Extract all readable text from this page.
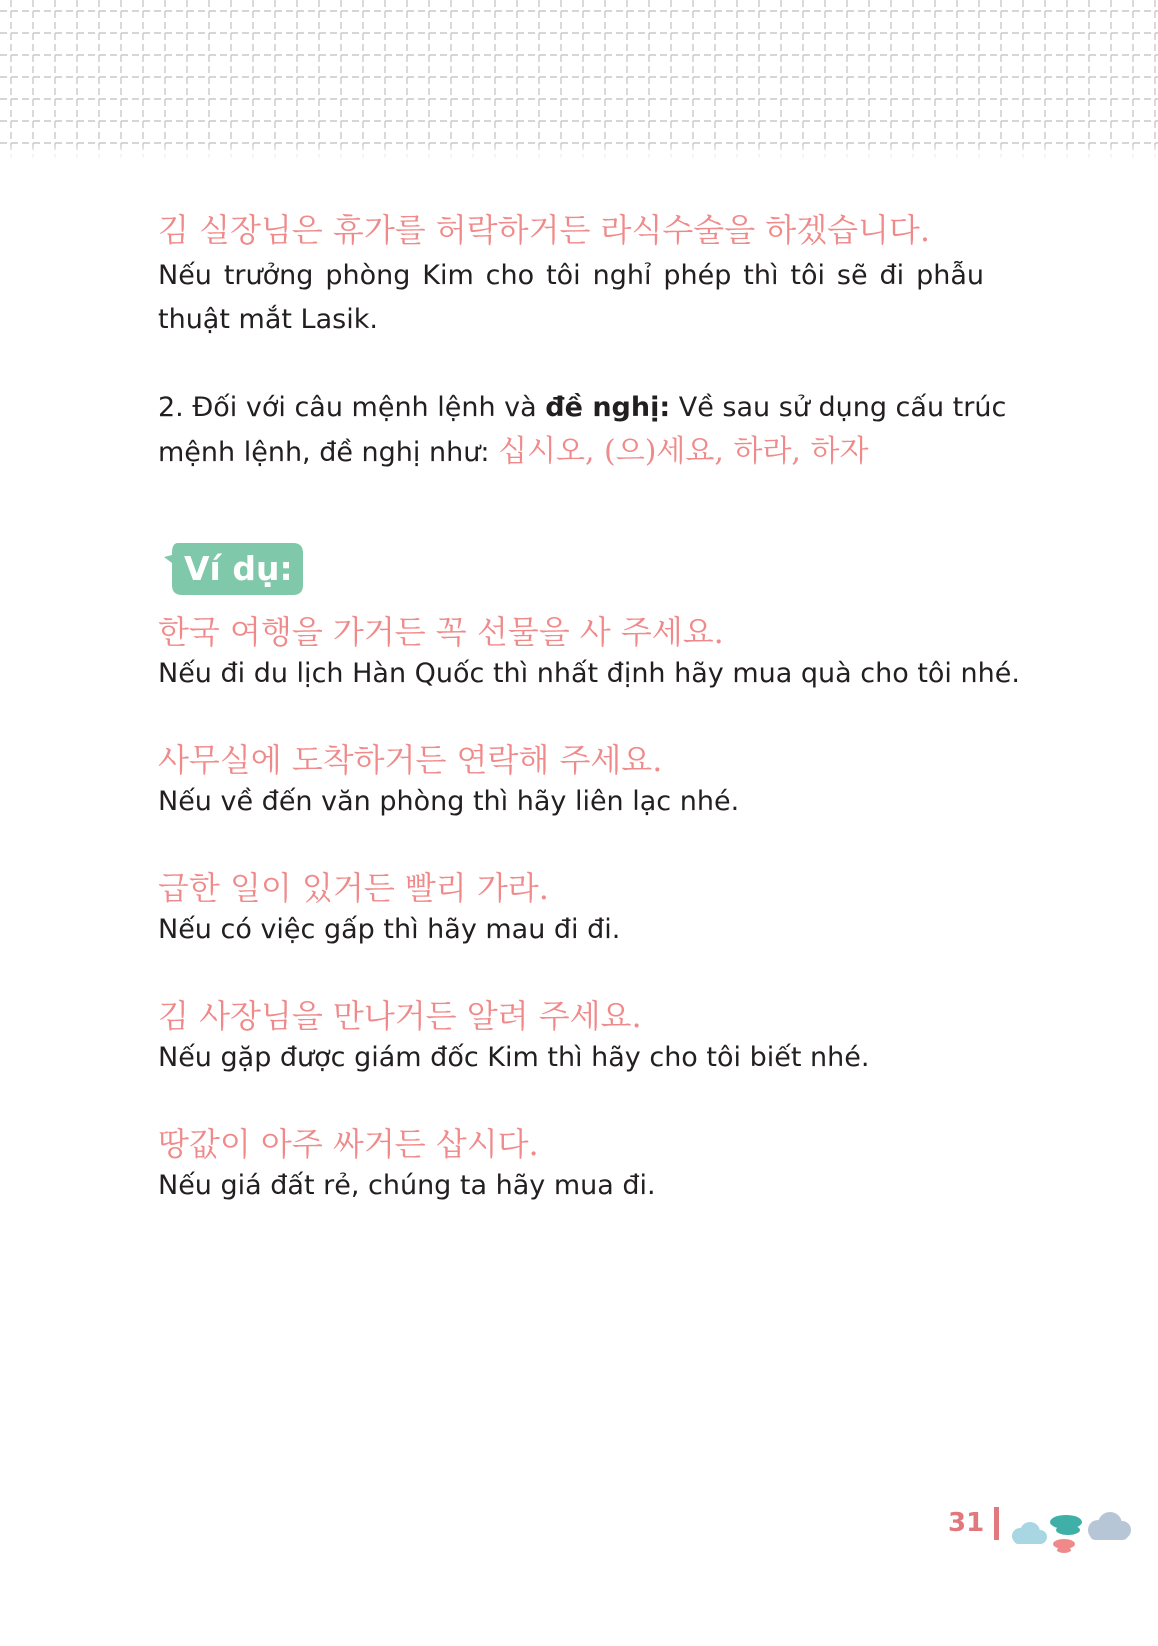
김 실장님은 휴가를 허락하거든 라식수술을 하겠습니다.
Nếu trưởng phòng Kim cho tôi nghỉ phép thì tôi sẽ đi phẫu
thuật mắt Lasik.
2. Đối với câu mệnh lệnh và đề nghị: Về sau sử dụng cấu trúc
mệnh lệnh, đề nghị như: 십시오, (으)세요, 하라, 하자
Ví dụ:
한국 여행을 가거든 꼭 선물을 사 주세요.
Nếu đi du lịch Hàn Quốc thì nhất định hãy mua quà cho tôi nhé.
사무실에 도착하거든 연락해 주세요.
Nếu về đến văn phòng thì hãy liên lạc nhé.
급한 일이 있거든 빨리 가라.
Nếu có việc gấp thì hãy mau đi đi.
김 사장님을 만나거든 알려 주세요.
Nếu gặp được giám đốc Kim thì hãy cho tôi biết nhé.
땅값이 아주 싸거든 삽시다.
Nếu giá đất rẻ, chúng ta hãy mua đi.
31
